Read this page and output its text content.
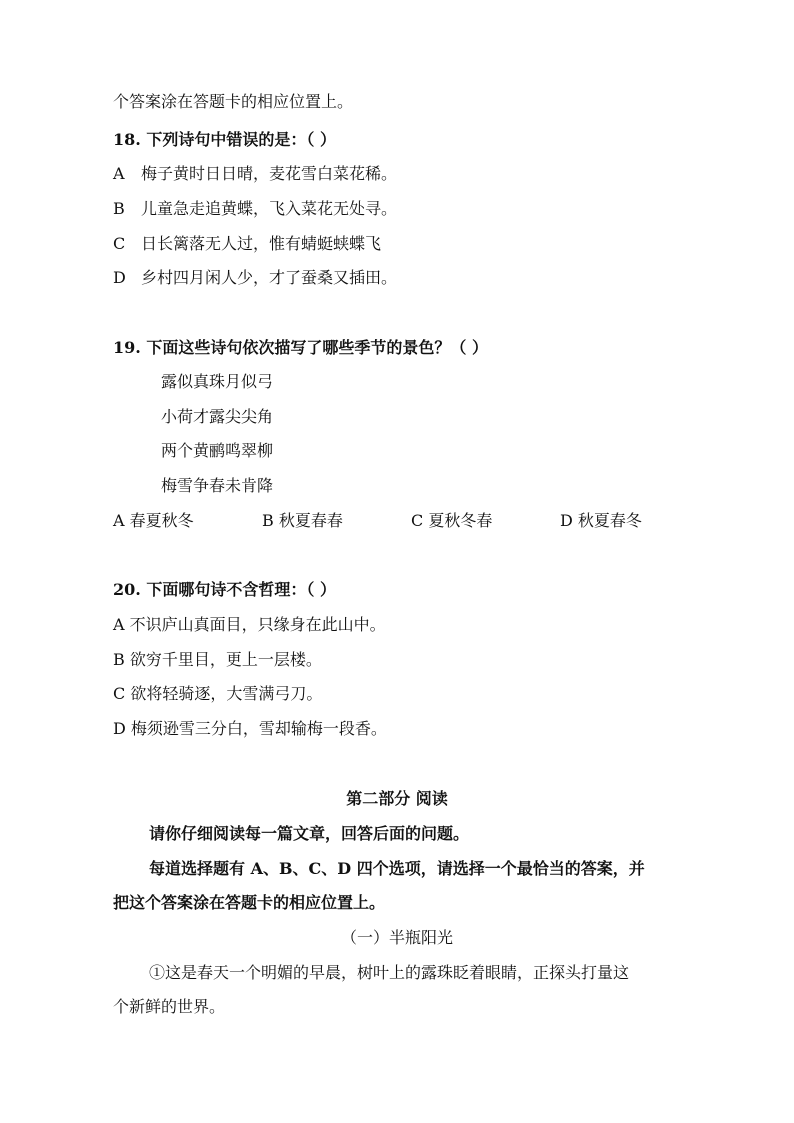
个答案涂在答题卡的相应位置上。
18. 下列诗句中错误的是：（ ）
A 梅子黄时日日晴，麦花雪白菜花稀。
B 儿童急走追黄蝶，飞入菜花无处寻。
C 日长篱落无人过，惟有蜻蜓蛱蝶飞
D 乡村四月闲人少，才了蚕桑又插田。
19. 下面这些诗句依次描写了哪些季节的景色？（ ）
露似真珠月似弓
小荷才露尖尖角
两个黄鹂鸣翠柳
梅雪争春未肯降
A 春夏秋冬	B 秋夏春春	C 夏秋冬春	D 秋夏春冬
20. 下面哪句诗不含哲理：（ ）
A 不识庐山真面目，只缘身在此山中。
B 欲穷千里目，更上一层楼。
C 欲将轻骑逐，大雪满弓刀。
D 梅须逊雪三分白，雪却输梅一段香。
第二部分 阅读
请你仔细阅读每一篇文章，回答后面的问题。
每道选择题有 A、B、C、D 四个选项，请选择一个最恰当的答案，并
把这个答案涂在答题卡的相应位置上。
（一）半瓶阳光
①这是春天一个明媚的早晨，树叶上的露珠眨着眼睛，正探头打量这
个新鲜的世界。
